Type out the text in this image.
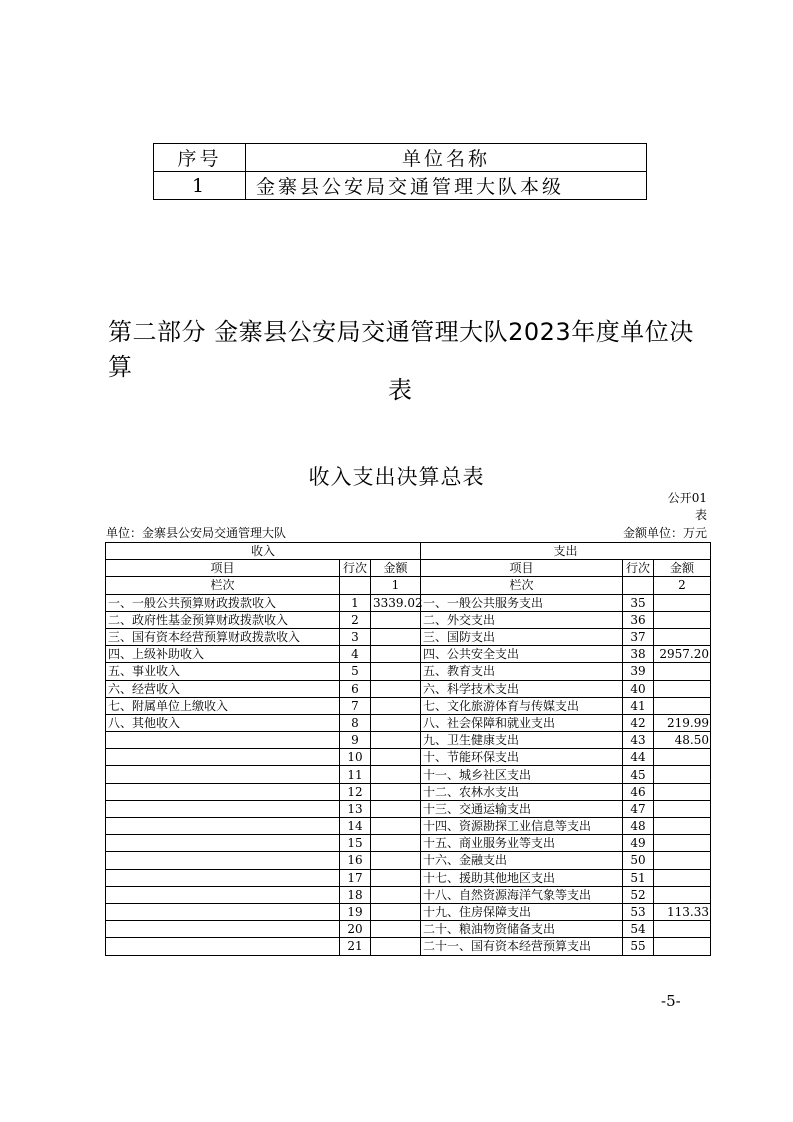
序号	单位名称
1	金寨县公安局交通管理大队本级
第二部分 金寨县公安局交通管理大队2023年度单位决算
表
收入支出决算总表
公开01
表
单位：金寨县公安局交通管理大队	金额单位：万元
收入			支出		
项目	行次	金额	项目	行次	金额
栏次		1	栏次		2
一、一般公共预算财政拨款收入	1	3339.02	一、一般公共服务支出	35	
二、政府性基金预算财政拨款收入	2		二、外交支出	36	
三、国有资本经营预算财政拨款收入	3		三、国防支出	37	
四、上级补助收入	4		四、公共安全支出	38	2957.20
五、事业收入	5		五、教育支出	39	
六、经营收入	6		六、科学技术支出	40	
七、附属单位上缴收入	7		七、文化旅游体育与传媒支出	41	
八、其他收入	8		八、社会保障和就业支出	42	219.99
	9		九、卫生健康支出	43	48.50
	10		十、节能环保支出	44	
	11		十一、城乡社区支出	45	
	12		十二、农林水支出	46	
	13		十三、交通运输支出	47	
	14		十四、资源勘探工业信息等支出	48	
	15		十五、商业服务业等支出	49	
	16		十六、金融支出	50	
	17		十七、援助其他地区支出	51	
	18		十八、自然资源海洋气象等支出	52	
	19		十九、住房保障支出	53	113.33
	20		二十、粮油物资储备支出	54	
	21		二十一、国有资本经营预算支出	55	
-5-
